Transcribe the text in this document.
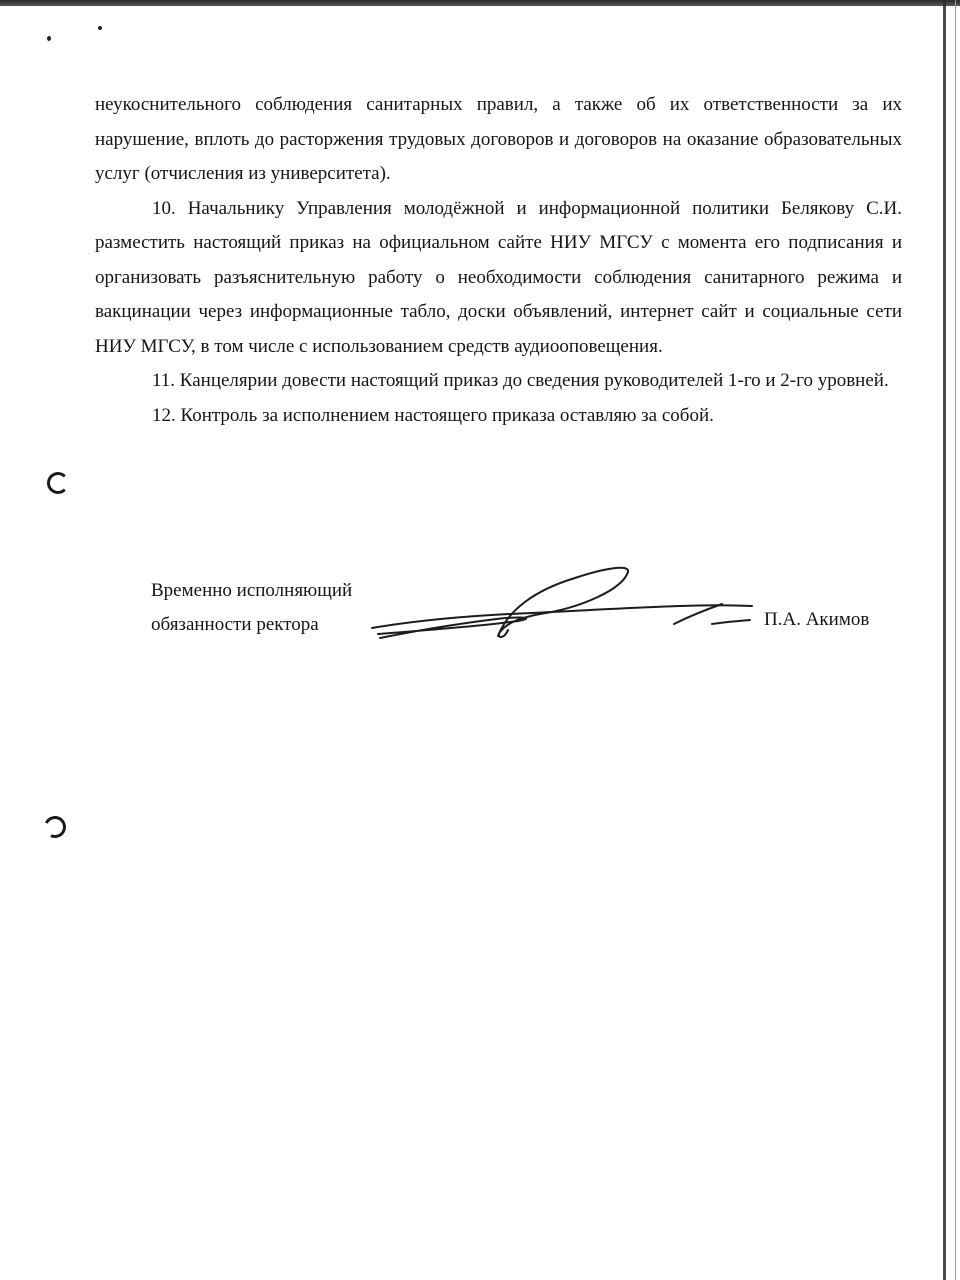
неукоснительного соблюдения санитарных правил, а также об их ответственности за их нарушение, вплоть до расторжения трудовых договоров и договоров на оказание образовательных услуг (отчисления из университета).

10. Начальнику Управления молодёжной и информационной политики Белякову С.И. разместить настоящий приказ на официальном сайте НИУ МГСУ с момента его подписания и организовать разъяснительную работу о необходимости соблюдения санитарного режима и вакцинации через информационные табло, доски объявлений, интернет сайт и социальные сети НИУ МГСУ, в том числе с использованием средств аудиооповещения.

11. Канцелярии довести настоящий приказ до сведения руководителей 1-го и 2-го уровней.

12. Контроль за исполнением настоящего приказа оставляю за собой.

Временно исполняющий
обязанности ректора	П.А. Акимов
